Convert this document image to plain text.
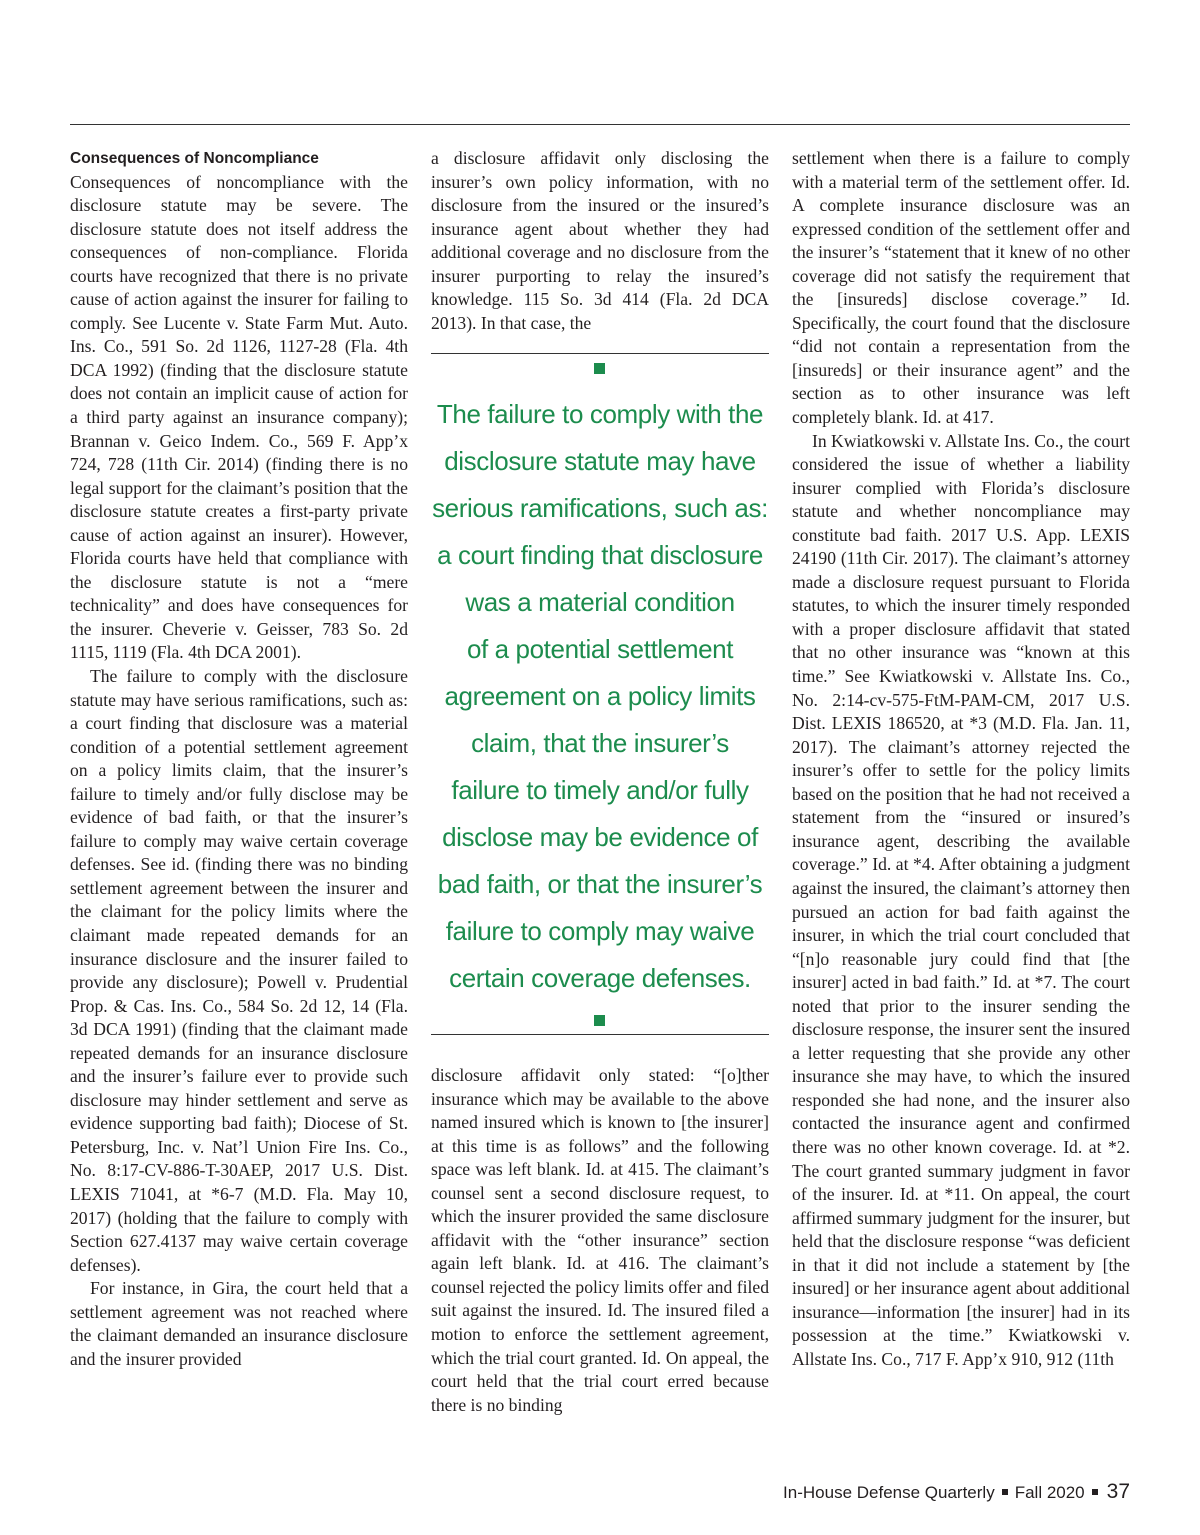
Consequences of Noncompliance

Consequences of noncompliance with the disclosure statute may be severe. The disclosure statute does not itself address the consequences of non-compliance. Florida courts have recognized that there is no private cause of action against the insurer for failing to comply. See Lucente v. State Farm Mut. Auto. Ins. Co., 591 So. 2d 1126, 1127-28 (Fla. 4th DCA 1992) (finding that the disclosure statute does not contain an implicit cause of action for a third party against an insurance company); Brannan v. Geico Indem. Co., 569 F. App’x 724, 728 (11th Cir. 2014) (finding there is no legal support for the claimant’s position that the disclosure statute creates a first-party private cause of action against an insurer). However, Florida courts have held that compliance with the disclosure statute is not a “mere technicality” and does have consequences for the insurer. Cheverie v. Geisser, 783 So. 2d 1115, 1119 (Fla. 4th DCA 2001).

The failure to comply with the disclosure statute may have serious ramifications, such as: a court finding that disclosure was a material condition of a potential settlement agreement on a policy limits claim, that the insurer’s failure to timely and/or fully disclose may be evidence of bad faith, or that the insurer’s failure to comply may waive certain coverage defenses. See id. (finding there was no binding settlement agreement between the insurer and the claimant for the policy limits where the claimant made repeated demands for an insurance disclosure and the insurer failed to provide any disclosure); Powell v. Prudential Prop. & Cas. Ins. Co., 584 So. 2d 12, 14 (Fla. 3d DCA 1991) (finding that the claimant made repeated demands for an insurance disclosure and the insurer’s failure ever to provide such disclosure may hinder settlement and serve as evidence supporting bad faith); Diocese of St. Petersburg, Inc. v. Nat’l Union Fire Ins. Co., No. 8:17-CV-886-T-30AEP, 2017 U.S. Dist. LEXIS 71041, at *6-7 (M.D. Fla. May 10, 2017) (holding that the failure to comply with Section 627.4137 may waive certain coverage defenses).

For instance, in Gira, the court held that a settlement agreement was not reached where the claimant demanded an insurance disclosure and the insurer provided

a disclosure affidavit only disclosing the insurer’s own policy information, with no disclosure from the insured or the insured’s insurance agent about whether they had additional coverage and no disclosure from the insurer purporting to relay the insured’s knowledge. 115 So. 3d 414 (Fla. 2d DCA 2013). In that case, the

The failure to comply with the
disclosure statute may have
serious ramifications, such as:
a court finding that disclosure
was a material condition
of a potential settlement
agreement on a policy limits
claim, that the insurer’s
failure to timely and/or fully
disclose may be evidence of
bad faith, or that the insurer’s
failure to comply may waive
certain coverage defenses.

disclosure affidavit only stated: “[o]ther insurance which may be available to the above named insured which is known to [the insurer] at this time is as follows” and the following space was left blank. Id. at 415. The claimant’s counsel sent a second disclosure request, to which the insurer provided the same disclosure affidavit with the “other insurance” section again left blank. Id. at 416. The claimant’s counsel rejected the policy limits offer and filed suit against the insured. Id. The insured filed a motion to enforce the settlement agreement, which the trial court granted. Id. On appeal, the court held that the trial court erred because there is no binding

settlement when there is a failure to comply with a material term of the settlement offer. Id. A complete insurance disclosure was an expressed condition of the settlement offer and the insurer’s “statement that it knew of no other coverage did not satisfy the requirement that the [insureds] disclose coverage.” Id. Specifically, the court found that the disclosure “did not contain a representation from the [insureds] or their insurance agent” and the section as to other insurance was left completely blank. Id. at 417.

In Kwiatkowski v. Allstate Ins. Co., the court considered the issue of whether a liability insurer complied with Florida’s disclosure statute and whether noncompliance may constitute bad faith. 2017 U.S. App. LEXIS 24190 (11th Cir. 2017). The claimant’s attorney made a disclosure request pursuant to Florida statutes, to which the insurer timely responded with a proper disclosure affidavit that stated that no other insurance was “known at this time.” See Kwiatkowski v. Allstate Ins. Co., No. 2:14-cv-575-FtM-PAM-CM, 2017 U.S. Dist. LEXIS 186520, at *3 (M.D. Fla. Jan. 11, 2017). The claimant’s attorney rejected the insurer’s offer to settle for the policy limits based on the position that he had not received a statement from the “insured or insured’s insurance agent, describing the available coverage.” Id. at *4. After obtaining a judgment against the insured, the claimant’s attorney then pursued an action for bad faith against the insurer, in which the trial court concluded that “[n]o reasonable jury could find that [the insurer] acted in bad faith.” Id. at *7. The court noted that prior to the insurer sending the disclosure response, the insurer sent the insured a letter requesting that she provide any other insurance she may have, to which the insured responded she had none, and the insurer also contacted the insurance agent and confirmed there was no other known coverage. Id. at *2. The court granted summary judgment in favor of the insurer. Id. at *11. On appeal, the court affirmed summary judgment for the insurer, but held that the disclosure response “was deficient in that it did not include a statement by [the insured] or her insurance agent about additional insurance—information [the insurer] had in its possession at the time.” Kwiatkowski v. Allstate Ins. Co., 717 F. App’x 910, 912 (11th

In-House Defense Quarterly Fall 2020 37
